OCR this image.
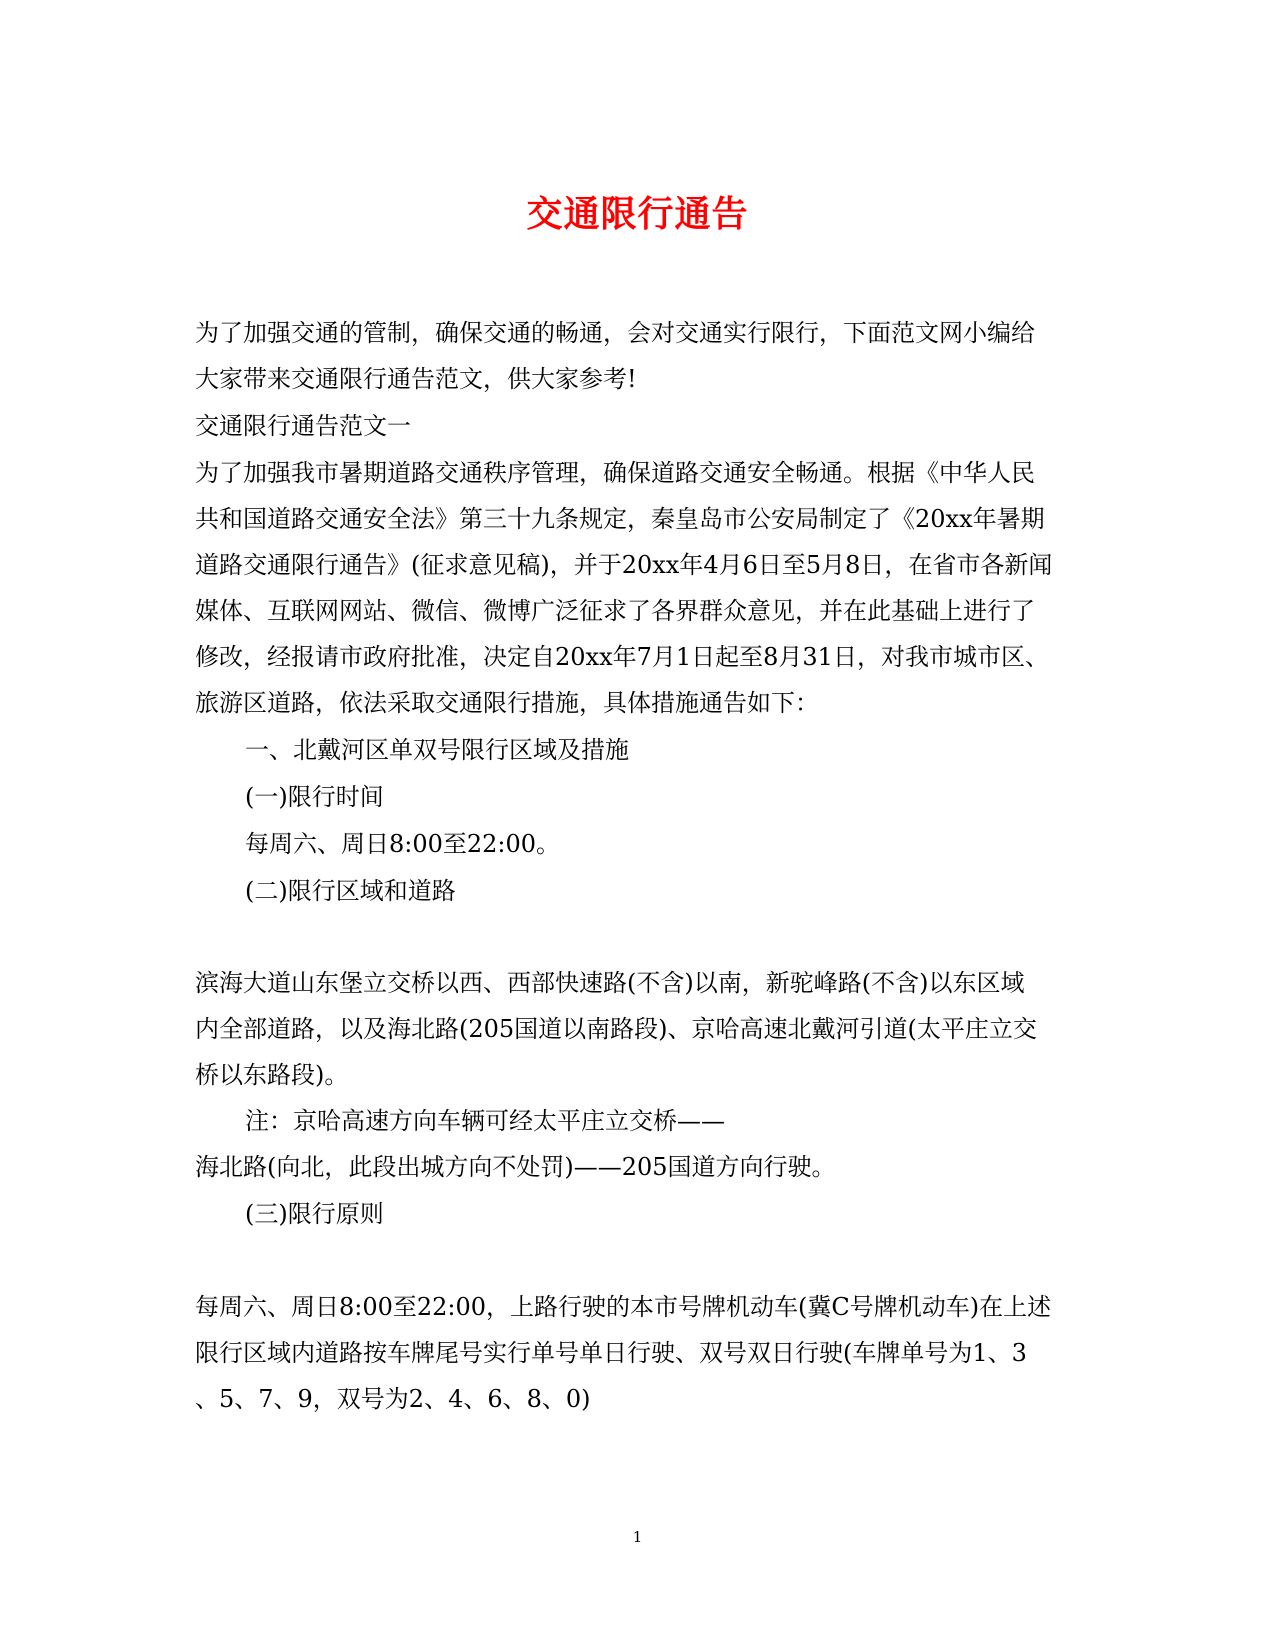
交通限行通告
为了加强交通的管制，确保交通的畅通，会对交通实行限行，下面范文网小编给
大家带来交通限行通告范文，供大家参考!
交通限行通告范文一
为了加强我市暑期道路交通秩序管理，确保道路交通安全畅通。根据《中华人民
共和国道路交通安全法》第三十九条规定，秦皇岛市公安局制定了《20xx年暑期
道路交通限行通告》(征求意见稿)，并于20xx年4月6日至5月8日，在省市各新闻
媒体、互联网网站、微信、微博广泛征求了各界群众意见，并在此基础上进行了
修改，经报请市政府批准，决定自20xx年7月1日起至8月31日，对我市城市区、
旅游区道路，依法采取交通限行措施，具体措施通告如下：
一、北戴河区单双号限行区域及措施
(一)限行时间
每周六、周日8:00至22:00。
(二)限行区域和道路
滨海大道山东堡立交桥以西、西部快速路(不含)以南，新驼峰路(不含)以东区域
内全部道路，以及海北路(205国道以南路段)、京哈高速北戴河引道(太平庄立交
桥以东路段)。
注：京哈高速方向车辆可经太平庄立交桥——
海北路(向北，此段出城方向不处罚)——205国道方向行驶。
(三)限行原则
每周六、周日8:00至22:00，上路行驶的本市号牌机动车(冀C号牌机动车)在上述
限行区域内道路按车牌尾号实行单号单日行驶、双号双日行驶(车牌单号为1、3
、5、7、9，双号为2、4、6、8、0)
1
